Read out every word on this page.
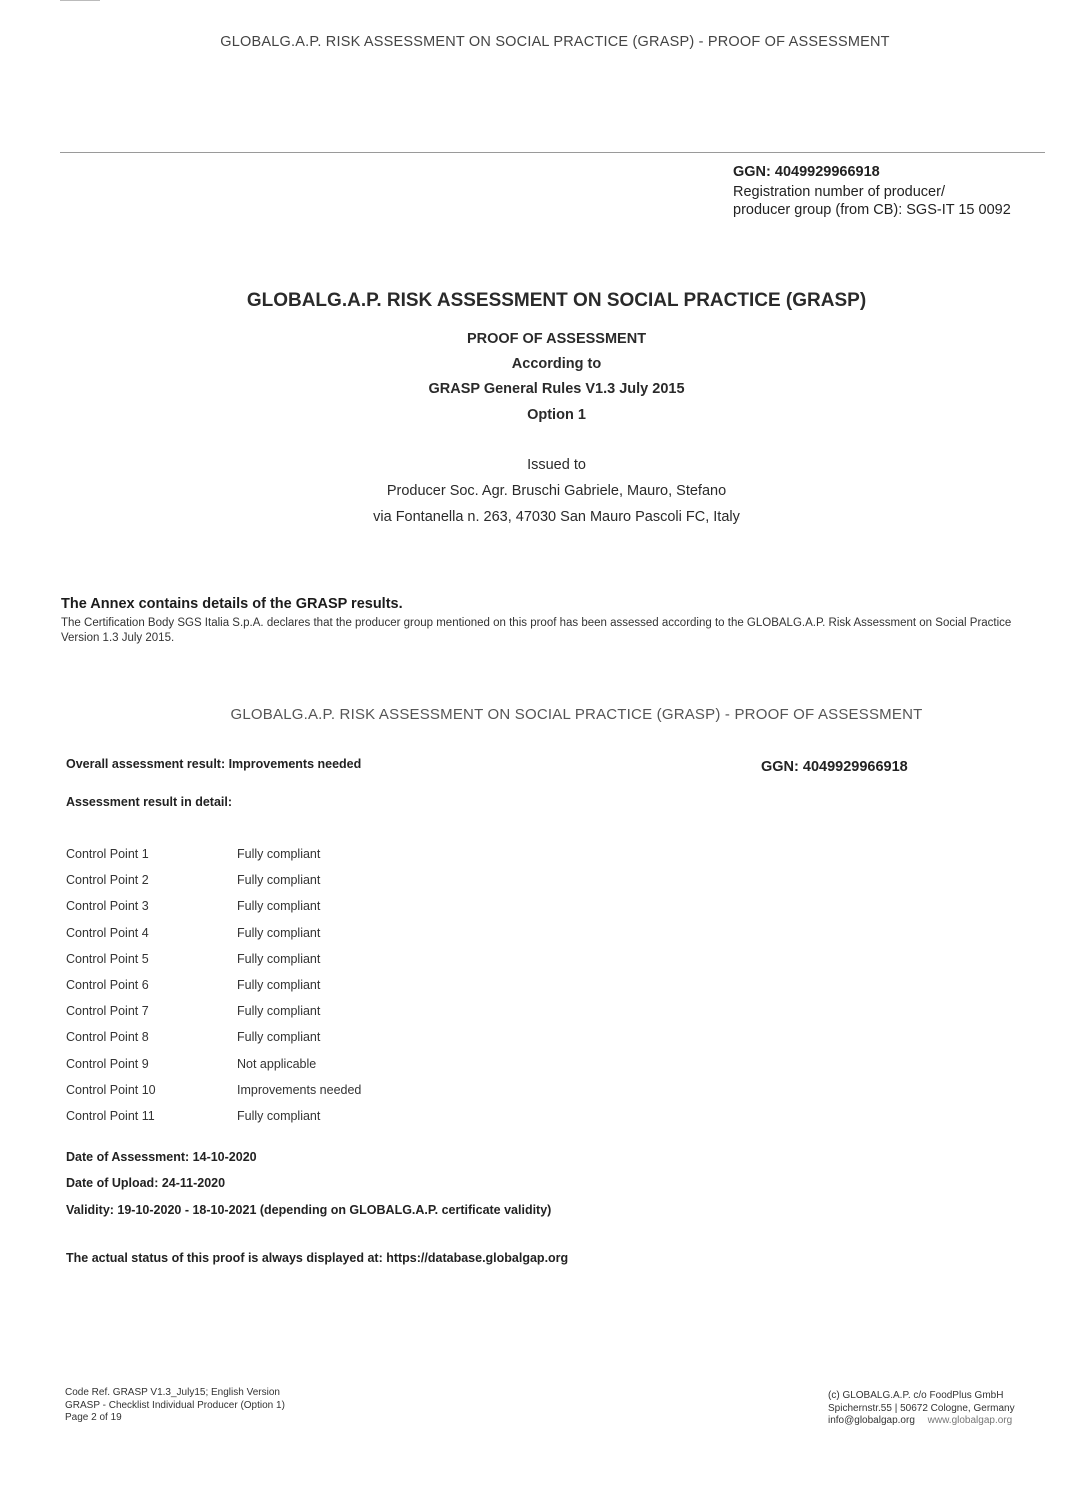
GLOBALG.A.P. RISK ASSESSMENT ON SOCIAL PRACTICE (GRASP) - PROOF OF ASSESSMENT
GGN: 4049929966918
Registration number of producer/
producer group (from CB): SGS-IT 15 0092
GLOBALG.A.P. RISK ASSESSMENT ON SOCIAL PRACTICE (GRASP)
PROOF OF ASSESSMENT
According to
GRASP General Rules V1.3 July 2015
Option 1
Issued to
Producer Soc. Agr. Bruschi Gabriele, Mauro, Stefano
via Fontanella n. 263, 47030 San Mauro Pascoli FC, Italy
The Annex contains details of the GRASP results.
The Certification Body SGS Italia S.p.A. declares that the producer group mentioned on this proof has been assessed according to the GLOBALG.A.P. Risk Assessment on Social Practice Version 1.3 July 2015.
GLOBALG.A.P. RISK ASSESSMENT ON SOCIAL PRACTICE (GRASP) - PROOF OF ASSESSMENT
Overall assessment result: Improvements needed	GGN: 4049929966918
Assessment result in detail:
Control Point 1	Fully compliant
Control Point 2	Fully compliant
Control Point 3	Fully compliant
Control Point 4	Fully compliant
Control Point 5	Fully compliant
Control Point 6	Fully compliant
Control Point 7	Fully compliant
Control Point 8	Fully compliant
Control Point 9	Not applicable
Control Point 10	Improvements needed
Control Point 11	Fully compliant
Date of Assessment: 14-10-2020
Date of Upload: 24-11-2020
Validity: 19-10-2020 - 18-10-2021 (depending on GLOBALG.A.P. certificate validity)
The actual status of this proof is always displayed at: https://database.globalgap.org
Code Ref. GRASP V1.3_July15; English Version
GRASP - Checklist Individual Producer (Option 1)
Page 2 of 19
(c) GLOBALG.A.P. c/o FoodPlus GmbH
Spichernstr.55 | 50672 Cologne, Germany
info@globalgap.org www.globalgap.org
